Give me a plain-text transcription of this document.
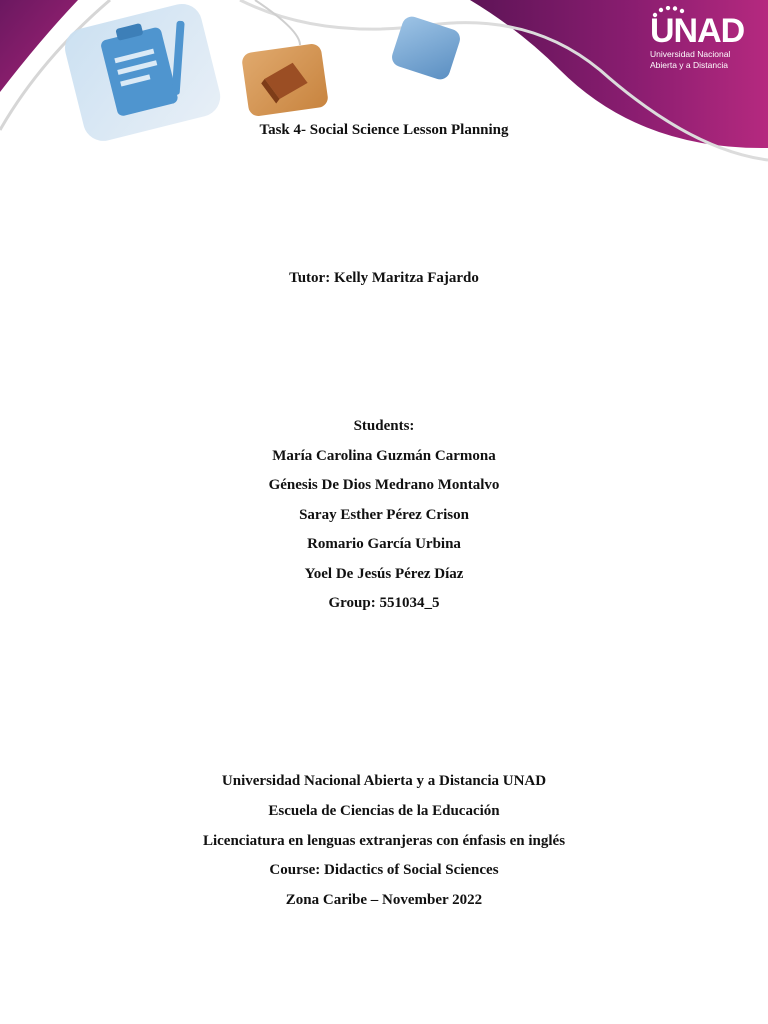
UNAD
Universidad Nacional
Abierta y a Distancia
Task 4- Social Science Lesson Planning
Tutor: Kelly Maritza Fajardo
Students:
María Carolina Guzmán Carmona
Génesis De Dios Medrano Montalvo
Saray Esther Pérez Crison
Romario García Urbina
Yoel De Jesús Pérez Díaz
Group: 551034_5
Universidad Nacional Abierta y a Distancia UNAD
Escuela de Ciencias de la Educación
Licenciatura en lenguas extranjeras con énfasis en inglés
Course: Didactics of Social Sciences
Zona Caribe – November 2022
